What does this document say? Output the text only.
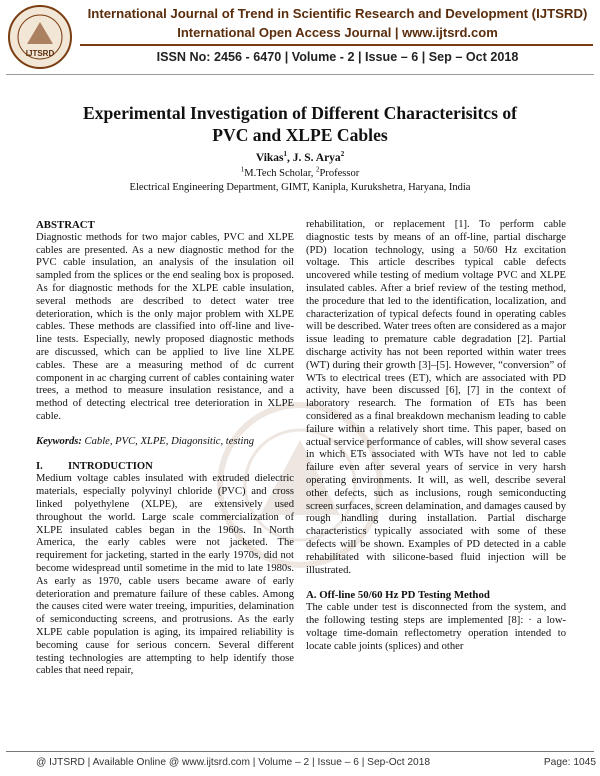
IJTSRD
International Journal of Trend in Scientific Research and Development (IJTSRD)
International Open Access Journal | www.ijtsrd.com
ISSN No: 2456 - 6470 | Volume - 2 | Issue – 6 | Sep – Oct 2018
Experimental Investigation of Different Characterisitcs of
PVC and XLPE Cables
Vikas$^1$, J. S. Arya$^2$
$^1$M.Tech Scholar, $^2$Professor
Electrical Engineering Department, GIMT, Kanipla, Kurukshetra, Haryana, India

ABSTRACT

Diagnostic methods for two major cables, PVC and XLPE cables are presented. As a new diagnostic method for the PVC cable insulation, an analysis of the insulation oil sampled from the splices or the end sealing box is proposed. As for diagnostic methods for the XLPE cable insulation, several methods are described to detect water tree deterioration, which is the only major problem with XLPE cables. These methods are classified into off-line and live-line tests. Especially, newly proposed diagnostic methods are discussed, which can be applied to live line XLPE cables. These are a measuring method of dc current component in ac charging current of cables containing water trees, a method to measure insulation resistance, and a method of detecting electrical tree deterioration in XLPE cable.

Keywords: Cable, PVC, XLPE, Diagonsitic, testing

I.	INTRODUCTION

Medium voltage cables insulated with extruded dielectric materials, especially polyvinyl chloride (PVC) and cross linked polyethylene (XLPE), are extensively used throughout the world. Large scale commercialization of XLPE insulated cables began in the 1960s. In North America, the early cables were not jacketed. The requirement for jacketing, started in the early 1970s, did not become widespread until sometime in the mid to late 1980s. As early as 1970, cable users became aware of early deterioration and premature failure of these cables. Among the causes cited were water treeing, impurities, delamination of semiconducting screens, and protrusions. As the early XLPE cable population is aging, its impaired reliability is becoming cause for serious concern. Several different testing technologies are attempting to help identify those cables that need repair,

rehabilitation, or replacement [1]. To perform cable diagnostic tests by means of an off-line, partial discharge (PD) location technology, using a 50/60 Hz excitation voltage. This article describes typical cable defects uncovered while testing of medium voltage PVC and XLPE insulated cables. After a brief review of the testing method, the procedure that led to the identification, localization, and characterization of typical defects found in operating cables will be described. Water trees often are considered as a major issue leading to premature cable degradation [2]. Partial discharge activity has not been reported within water trees (WT) during their growth [3]–[5]. However, “conversion” of WTs to electrical trees (ET), which are associated with PD activity, have been discussed [6], [7] in the context of laboratory research. The formation of ETs has been considered as a final breakdown mechanism leading to cable failure within a relatively short time. This paper, based on actual service performance of cables, will show several cases in which ETs associated with WTs have not led to cable failure even after several years of service in very harsh operating environments. It will, as well, describe several other defects, such as inclusions, rough semiconducting screen surfaces, screen delamination, and damages caused by rough handling during installation. Partial discharge characteristics typically associated with some of these defects will be shown. Examples of PD detected in a cable rehabilitated with silicone-based fluid injection will be illustrated.

A. Off-line 50/60 Hz PD Testing Method

The cable under test is disconnected from the system, and the following testing steps are implemented [8]: · a low-voltage time-domain reflectometry operation intended to locate cable joints (splices) and other

@ IJTSRD | Available Online @ www.ijtsrd.com | Volume – 2 | Issue – 6 | Sep-Oct 2018	Page: 1045
